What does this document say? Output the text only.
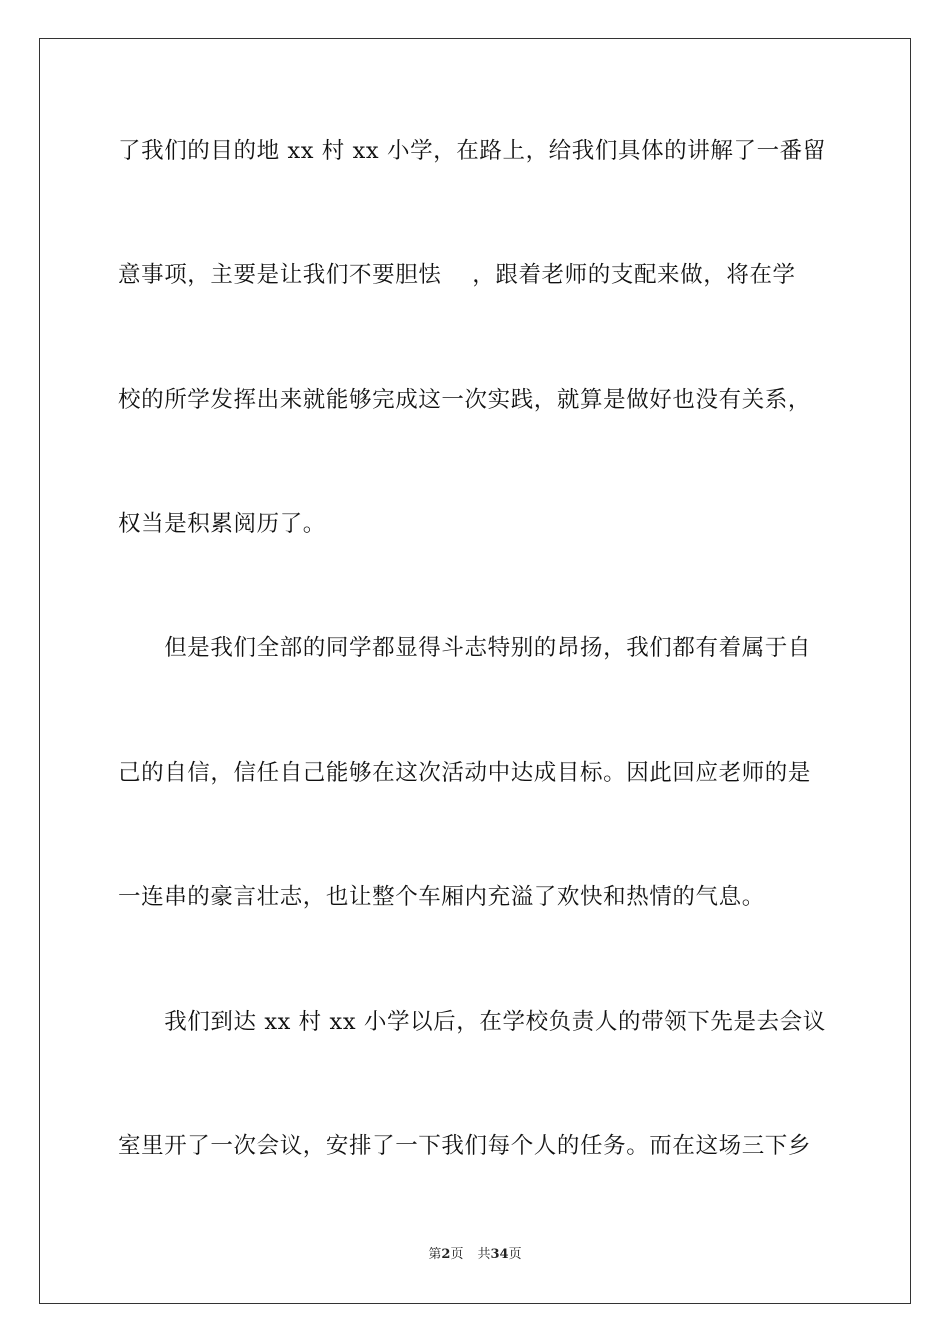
了我们的目的地 xx 村 xx 小学，在路上，给我们具体的讲解了一番留
意事项，主要是让我们不要胆怯　 ，跟着老师的支配来做，将在学
校的所学发挥出来就能够完成这一次实践，就算是做好也没有关系，
权当是积累阅历了。
　　但是我们全部的同学都显得斗志特别的昂扬，我们都有着属于自
己的自信，信任自己能够在这次活动中达成目标。因此回应老师的是
一连串的豪言壮志，也让整个车厢内充溢了欢快和热情的气息。
　　我们到达 xx 村 xx 小学以后，在学校负责人的带领下先是去会议
室里开了一次会议，安排了一下我们每个人的任务。而在这场三下乡
第2页 共34页
